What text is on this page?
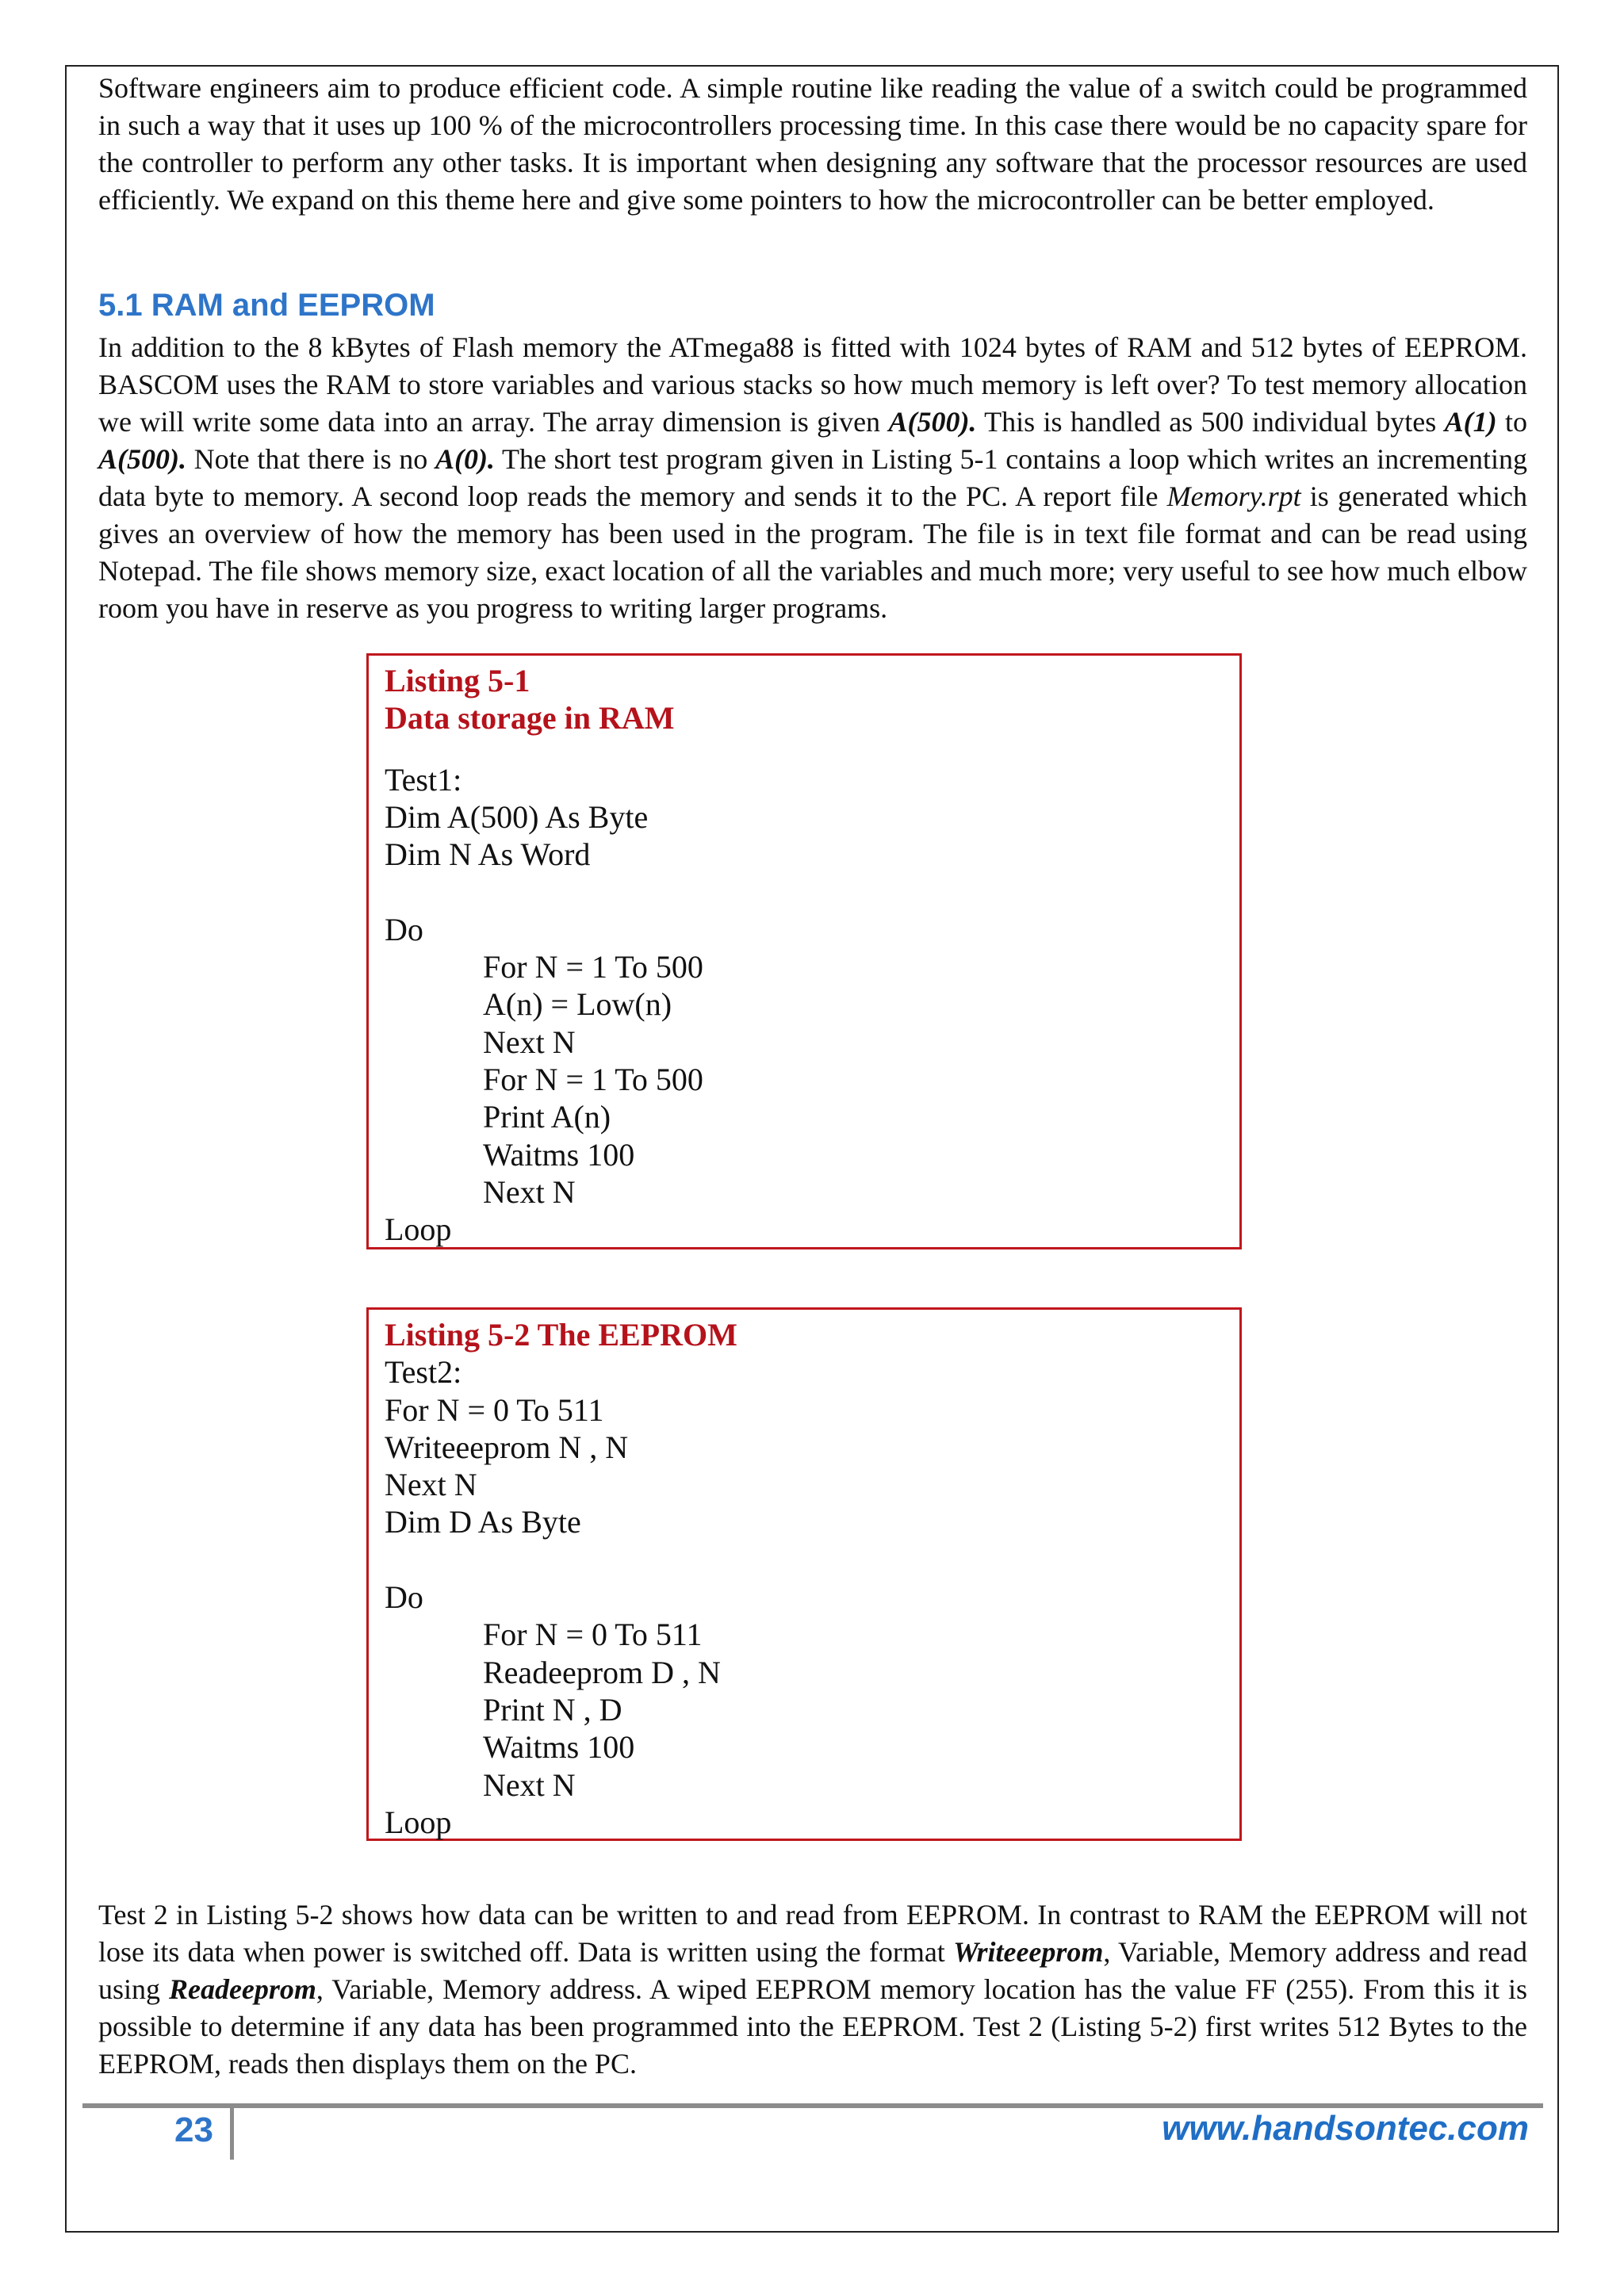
Software engineers aim to produce efficient code. A simple routine like reading the value of a switch could be programmed in such a way that it uses up 100 % of the microcontrollers processing time. In this case there would be no capacity spare for the controller to perform any other tasks. It is important when designing any software that the processor resources are used efficiently. We expand on this theme here and give some pointers to how the microcontroller can be better employed.

5.1 RAM and EEPROM

In addition to the 8 kBytes of Flash memory the ATmega88 is fitted with 1024 bytes of RAM and 512 bytes of EEPROM. BASCOM uses the RAM to store variables and various stacks so how much memory is left over? To test memory allocation we will write some data into an array. The array dimension is given A(500). This is handled as 500 individual bytes A(1) to A(500). Note that there is no A(0). The short test program given in Listing 5-1 contains a loop which writes an incrementing data byte to memory. A second loop reads the memory and sends it to the PC. A report file Memory.rpt is generated which gives an overview of how the memory has been used in the program. The file is in text file format and can be read using Notepad. The file shows memory size, exact location of all the variables and much more; very useful to see how much elbow room you have in reserve as you progress to writing larger programs.

Listing 5-1
Data storage in RAM
Test1:
Dim A(500) As Byte
Dim N As Word
Do
For N = 1 To 500
A(n) = Low(n)
Next N
For N = 1 To 500
Print A(n)
Waitms 100
Next N
Loop
Listing 5-2 The EEPROM
Test2:
For N = 0 To 511
Writeeeprom N , N
Next N
Dim D As Byte
Do
For N = 0 To 511
Readeeprom D , N
Print N , D
Waitms 100
Next N
Loop

Test 2 in Listing 5-2 shows how data can be written to and read from EEPROM. In contrast to RAM the EEPROM will not lose its data when power is switched off. Data is written using the format Writeeeprom, Variable, Memory address and read using Readeeprom, Variable, Memory address. A wiped EEPROM memory location has the value FF (255). From this it is possible to determine if any data has been programmed into the EEPROM. Test 2 (Listing 5-2) first writes 512 Bytes to the EEPROM, reads then displays them on the PC.

23	www.handsontec.com
